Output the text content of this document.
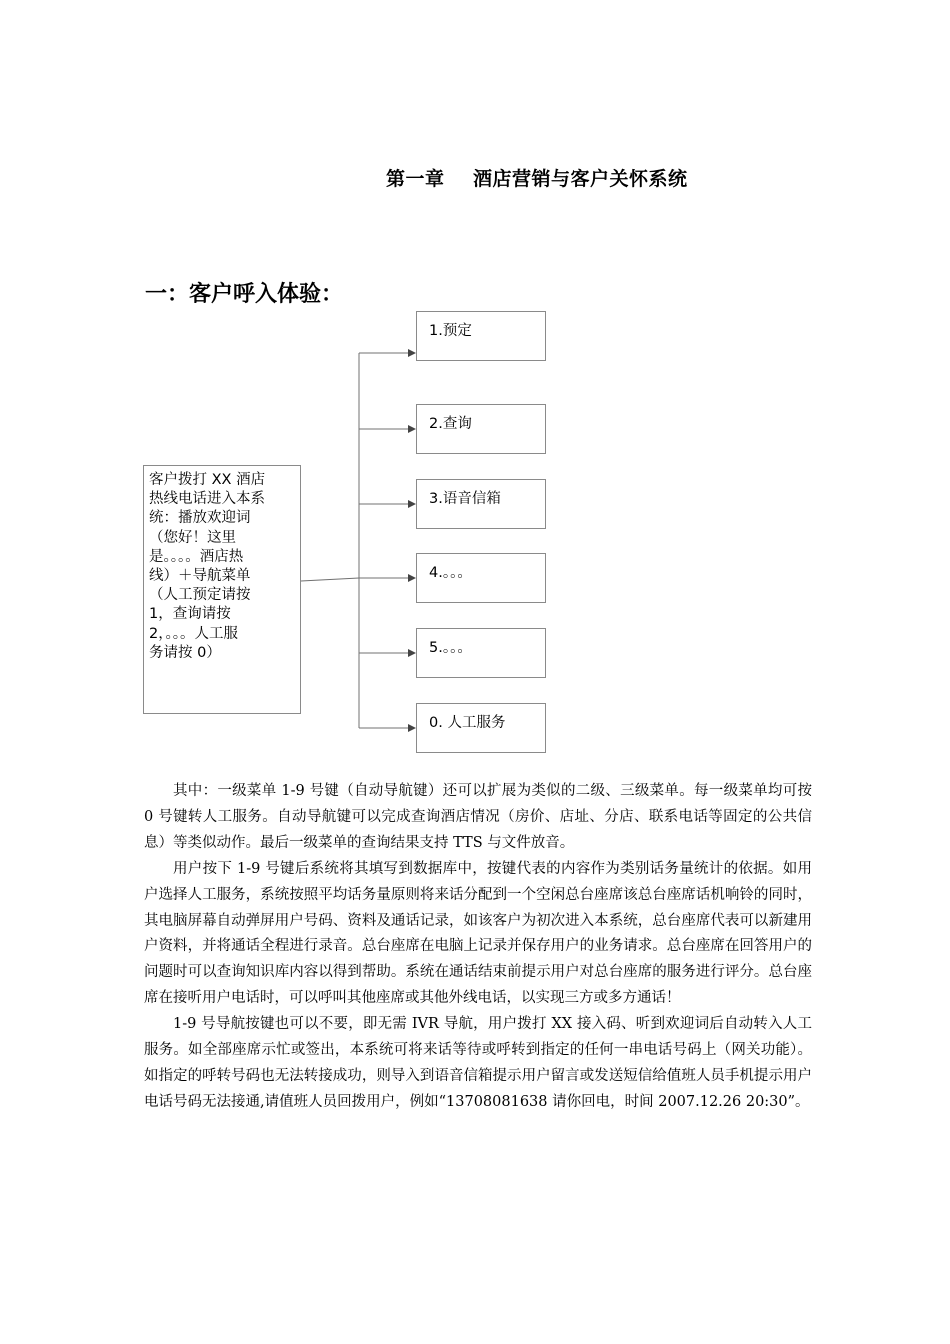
第一章    酒店营销与客户关怀系统
一：客户呼入体验：
客户拨打 XX 酒店
热线电话进入本系
统：播放欢迎词
（您好！这里
是。。。。酒店热
线）＋导航菜单
（人工预定请按
1，查询请按
2，。。。人工服
务请按 0）
1.预定
2.查询
3.语音信箱
4.。。。
5.。。。
0. 人工服务

其中：一级菜单 1-9 号键（自动导航键）还可以扩展为类似的二级、三级菜单。每一级菜单均可按 0 号键转人工服务。自动导航键可以完成查询酒店情况（房价、店址、分店、联系电话等固定的公共信息）等类似动作。最后一级菜单的查询结果支持 TTS 与文件放音。

用户按下 1-9 号键后系统将其填写到数据库中，按键代表的内容作为类别话务量统计的依据。如用户选择人工服务，系统按照平均话务量原则将来话分配到一个空闲总台座席该总台座席话机响铃的同时，其电脑屏幕自动弹屏用户号码、资料及通话记录，如该客户为初次进入本系统，总台座席代表可以新建用户资料，并将通话全程进行录音。总台座席在电脑上记录并保存用户的业务请求。总台座席在回答用户的问题时可以查询知识库内容以得到帮助。系统在通话结束前提示用户对总台座席的服务进行评分。总台座席在接听用户电话时，可以呼叫其他座席或其他外线电话，以实现三方或多方通话！

1-9 号导航按键也可以不要，即无需 IVR 导航，用户拨打 XX 接入码、听到欢迎词后自动转入人工服务。如全部座席示忙或签出，本系统可将来话等待或呼转到指定的任何一串电话号码上（网关功能）。如指定的呼转号码也无法转接成功，则导入到语音信箱提示用户留言或发送短信给值班人员手机提示用户电话号码无法接通,请值班人员回拨用户，例如“13708081638 请你回电，时间 2007.12.26 20:30”。
